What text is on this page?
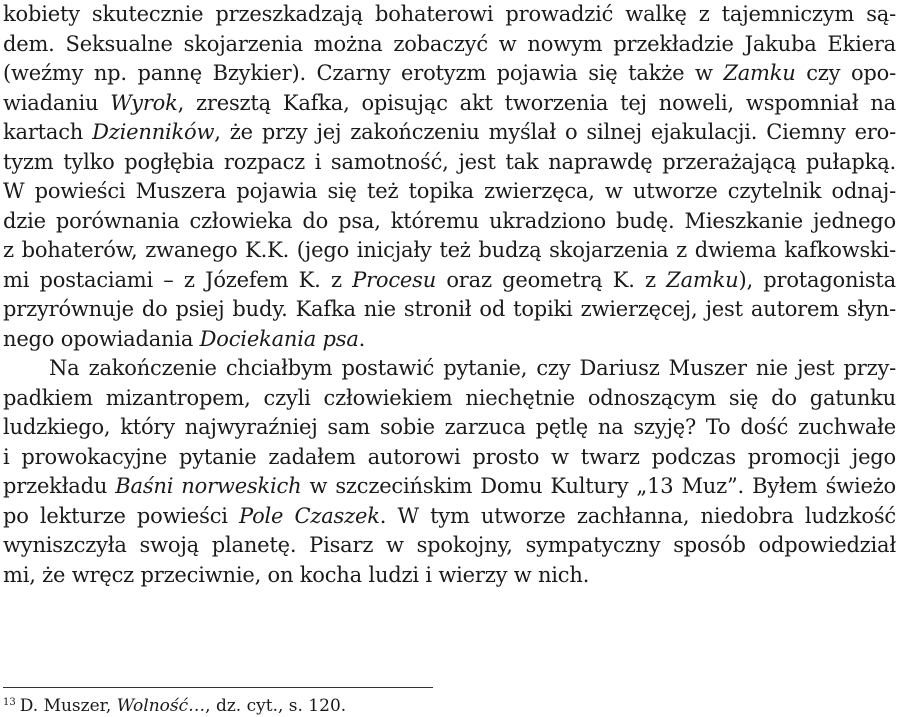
kobiety skutecznie przeszkadzają bohaterowi prowadzić walkę z tajemniczym są-
dem. Seksualne skojarzenia można zobaczyć w nowym przekładzie Jakuba Ekiera
(weźmy np. pannę Bzykier). Czarny erotyzm pojawia się także w Zamku czy opo-
wiadaniu Wyrok, zresztą Kafka, opisując akt tworzenia tej noweli, wspomniał na
kartach Dzienników, że przy jej zakończeniu myślał o silnej ejakulacji. Ciemny ero-
tyzm tylko pogłębia rozpacz i samotność, jest tak naprawdę przerażającą pułapką.
W powieści Muszera pojawia się też topika zwierzęca, w utworze czytelnik odnaj-
dzie porównania człowieka do psa, któremu ukradziono budę. Mieszkanie jednego
z bohaterów, zwanego K.K. (jego inicjały też budzą skojarzenia z dwiema kafkowski-
mi postaciami – z Józefem K. z Procesu oraz geometrą K. z Zamku), protagonista
przyrównuje do psiej budy. Kafka nie stronił od topiki zwierzęcej, jest autorem słyn-
nego opowiadania Dociekania psa.
Na zakończenie chciałbym postawić pytanie, czy Dariusz Muszer nie jest przy-
padkiem mizantropem, czyli człowiekiem niechętnie odnoszącym się do gatunku
ludzkiego, który najwyraźniej sam sobie zarzuca pętlę na szyję? To dość zuchwałe
i prowokacyjne pytanie zadałem autorowi prosto w twarz podczas promocji jego
przekładu Baśni norweskich w szczecińskim Domu Kultury „13 Muz”. Byłem świeżo
po lekturze powieści Pole Czaszek. W tym utworze zachłanna, niedobra ludzkość
wyniszczyła swoją planetę. Pisarz w spokojny, sympatyczny sposób odpowiedział
mi, że wręcz przeciwnie, on kocha ludzi i wierzy w nich.
$^{13}$ D. Muszer, Wolność…, dz. cyt., s. 120.
